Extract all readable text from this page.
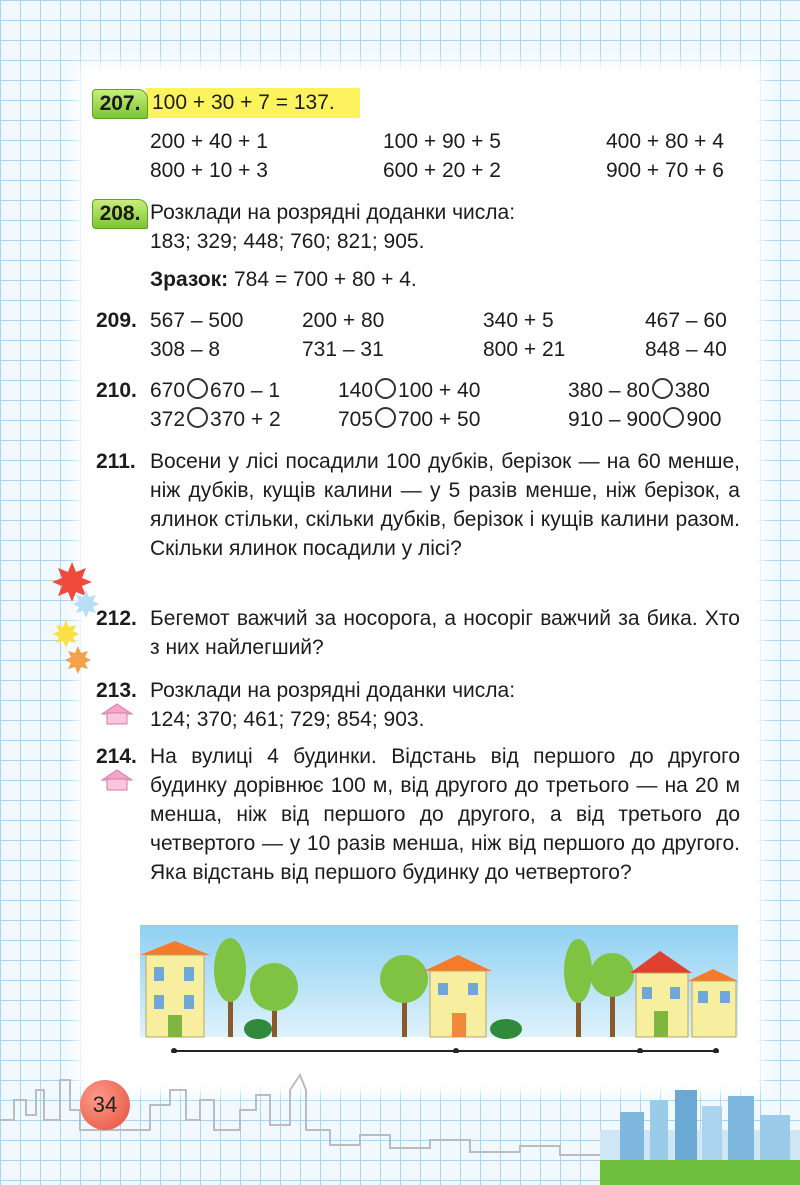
207. 100 + 30 + 7 = 137.
200 + 40 + 1	100 + 90 + 5	400 + 80 + 4
800 + 10 + 3	600 + 20 + 2	900 + 70 + 6
208. Розклади на розрядні доданки числа:
183; 329; 448; 760; 821; 905.
Зразок: 784 = 700 + 80 + 4.
209. 567 – 500	200 + 80	340 + 5	467 – 60
308 – 8	731 – 31	800 + 21	848 – 40
210. 670 670 – 1	140 100 + 40	380 – 80 380
372 370 + 2	705 700 + 50	910 – 900 900
211. Восени у лісі посадили 100 дубків, берізок — на 60 менше, ніж дубків, кущів калини — у 5 разів менше, ніж берізок, а ялинок стільки, скільки дубків, берізок і кущів калини разом. Скільки ялинок посадили у лісі?

212. Бегемот важчий за носорога, а носоріг важчий за бика. Хто з них найлегший?

213. Розклади на розрядні доданки числа:
124; 370; 461; 729; 854; 903.
214. На вулиці 4 будинки. Відстань від першого до другого будинку дорівнює 100 м, від другого до третього — на 20 м менша, ніж від першого до другого, а від третього до четвертого — у 10 разів менша, ніж від першого до другого. Яка відстань від першого будинку до четвертого?

34
